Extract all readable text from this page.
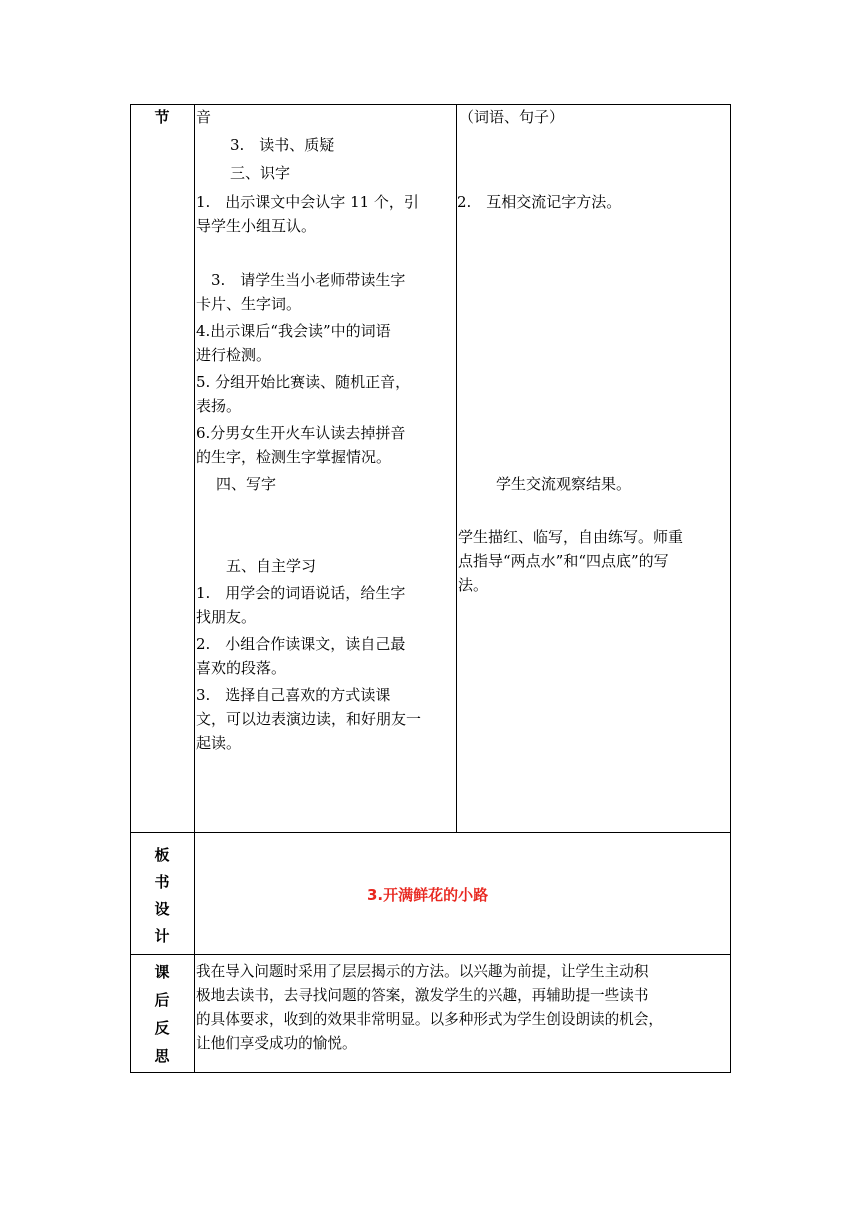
节	音
3.　读书、质疑
三、识字
1.　出示课文中会认字 11 个，引
导学生小组互认。
　3.　请学生当小老师带读生字
卡片、生字词。
4.出示课后“我会读”中的词语
进行检测。
5. 分组开始比赛读、随机正音，
表扬。
6.分男女生开火车认读去掉拼音
的生字，检测生字掌握情况。
四、写字
五、自主学习
1.　用学会的词语说话，给生字
找朋友。
2.　小组合作读课文，读自己最
喜欢的段落。
3.　选择自己喜欢的方式读课
文，可以边表演边读，和好朋友一
起读。
（词语、句子）
2.　互相交流记字方法。
学生交流观察结果。
学生描红、临写，自由练写。师重
点指导“两点水”和“四点底”的写
法。
板
书
设
计
3.开满鲜花的小路
课
后
反
思
我在导入问题时采用了层层揭示的方法。以兴趣为前提，让学生主动积
极地去读书，去寻找问题的答案，激发学生的兴趣，再辅助提一些读书
的具体要求，收到的效果非常明显。以多种形式为学生创设朗读的机会，
让他们享受成功的愉悦。
